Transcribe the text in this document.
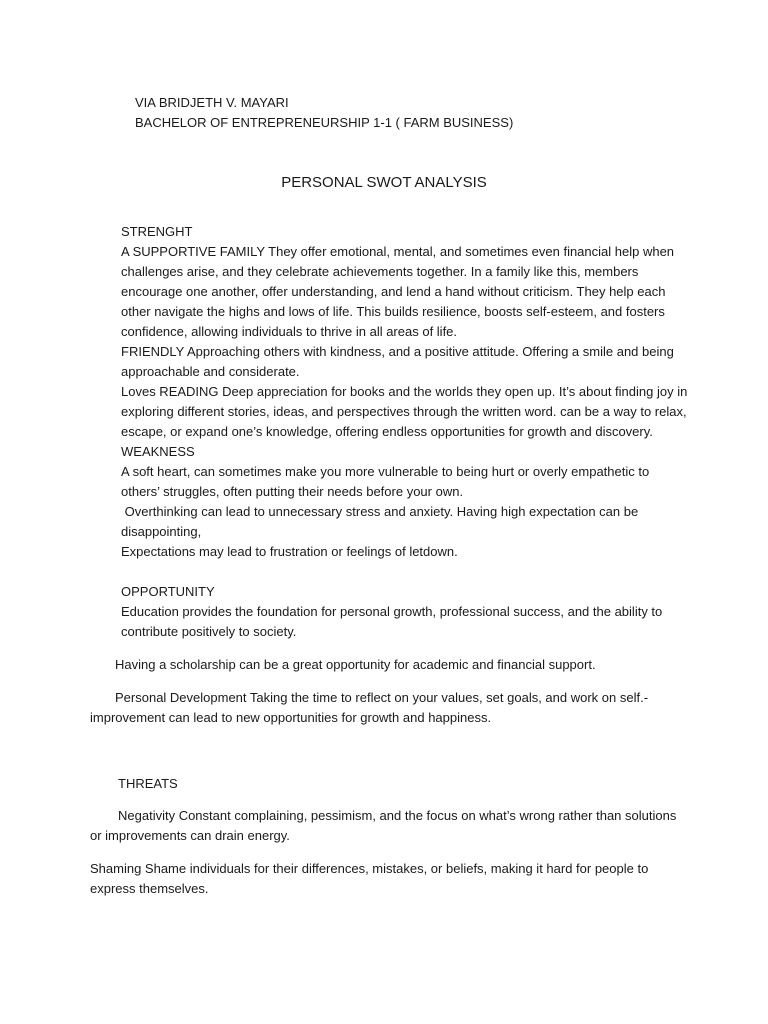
VIA BRIDJETH V. MAYARI
BACHELOR OF ENTREPRENEURSHIP 1-1 ( FARM BUSINESS)
PERSONAL SWOT ANALYSIS

STRENGHT

A SUPPORTIVE FAMILY They offer emotional, mental, and sometimes even financial help when challenges arise, and they celebrate achievements together. In a family like this, members encourage one another, offer understanding, and lend a hand without criticism. They help each other navigate the highs and lows of life. This builds resilience, boosts self-esteem, and fosters confidence, allowing individuals to thrive in all areas of life.

FRIENDLY Approaching others with kindness, and a positive attitude. Offering a smile and being approachable and considerate.

Loves READING Deep appreciation for books and the worlds they open up. It’s about finding joy in exploring different stories, ideas, and perspectives through the written word. can be a way to relax, escape, or expand one’s knowledge, offering endless opportunities for growth and discovery.

WEAKNESS

A soft heart, can sometimes make you more vulnerable to being hurt or overly empathetic to others’ struggles, often putting their needs before your own.

Overthinking can lead to unnecessary stress and anxiety. Having high expectation can be disappointing,

Expectations may lead to frustration or feelings of letdown.

OPPORTUNITY

Education provides the foundation for personal growth, professional success, and the ability to contribute positively to society.

Having a scholarship can be a great opportunity for academic and financial support.

Personal Development Taking the time to reflect on your values, set goals, and work on self.- improvement can lead to new opportunities for growth and happiness.

THREATS

Negativity Constant complaining, pessimism, and the focus on what’s wrong rather than solutions or improvements can drain energy.

Shaming Shame individuals for their differences, mistakes, or beliefs, making it hard for people to express themselves.
